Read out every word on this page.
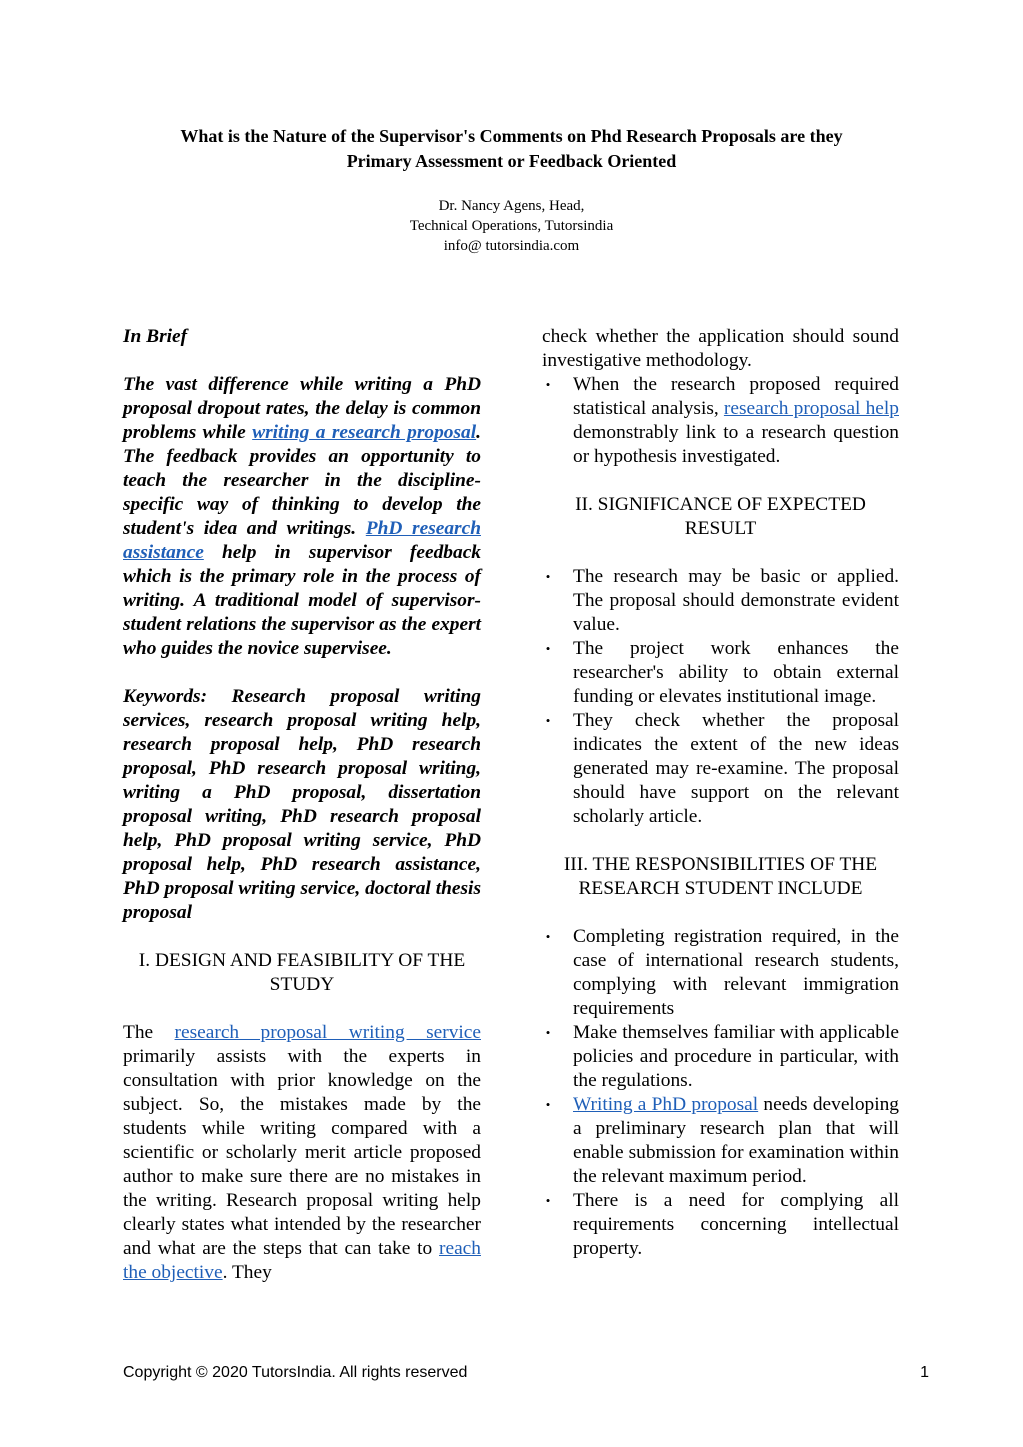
What is the Nature of the Supervisor's Comments on Phd Research Proposals are they
Primary Assessment or Feedback Oriented
Dr. Nancy Agens, Head,
Technical Operations, Tutorsindia
info@ tutorsindia.com

In Brief

The vast difference while writing a PhD proposal dropout rates, the delay is common problems while writing a research proposal. The feedback provides an opportunity to teach the researcher in the discipline-specific way of thinking to develop the student's idea and writings. PhD research assistance help in supervisor feedback which is the primary role in the process of writing. A traditional model of supervisor-student relations the supervisor as the expert who guides the novice supervisee.

Keywords: Research proposal writing services, research proposal writing help, research proposal help, PhD research proposal, PhD research proposal writing, writing a PhD proposal, dissertation proposal writing, PhD research proposal help, PhD proposal writing service, PhD proposal help, PhD research assistance, PhD proposal writing service, doctoral thesis proposal

I. DESIGN AND FEASIBILITY OF THE STUDY

The research proposal writing service primarily assists with the experts in consultation with prior knowledge on the subject. So, the mistakes made by the students while writing compared with a scientific or scholarly merit article proposed author to make sure there are no mistakes in the writing. Research proposal writing help clearly states what intended by the researcher and what are the steps that can take to reach the objective. They

check whether the application should sound investigative methodology.

• When the research proposed required statistical analysis, research proposal help demonstrably link to a research question or hypothesis investigated.

II. SIGNIFICANCE OF EXPECTED RESULT

• The research may be basic or applied. The proposal should demonstrate evident value.
• The project work enhances the researcher's ability to obtain external funding or elevates institutional image.
• They check whether the proposal indicates the extent of the new ideas generated may re-examine. The proposal should have support on the relevant scholarly article.

III. THE RESPONSIBILITIES OF THE RESEARCH STUDENT INCLUDE

• Completing registration required, in the case of international research students, complying with relevant immigration requirements
• Make themselves familiar with applicable policies and procedure in particular, with the regulations.
• Writing a PhD proposal needs developing a preliminary research plan that will enable submission for examination within the relevant maximum period.
• There is a need for complying all requirements concerning intellectual property.
Copyright © 2020 TutorsIndia. All rights reserved	1
